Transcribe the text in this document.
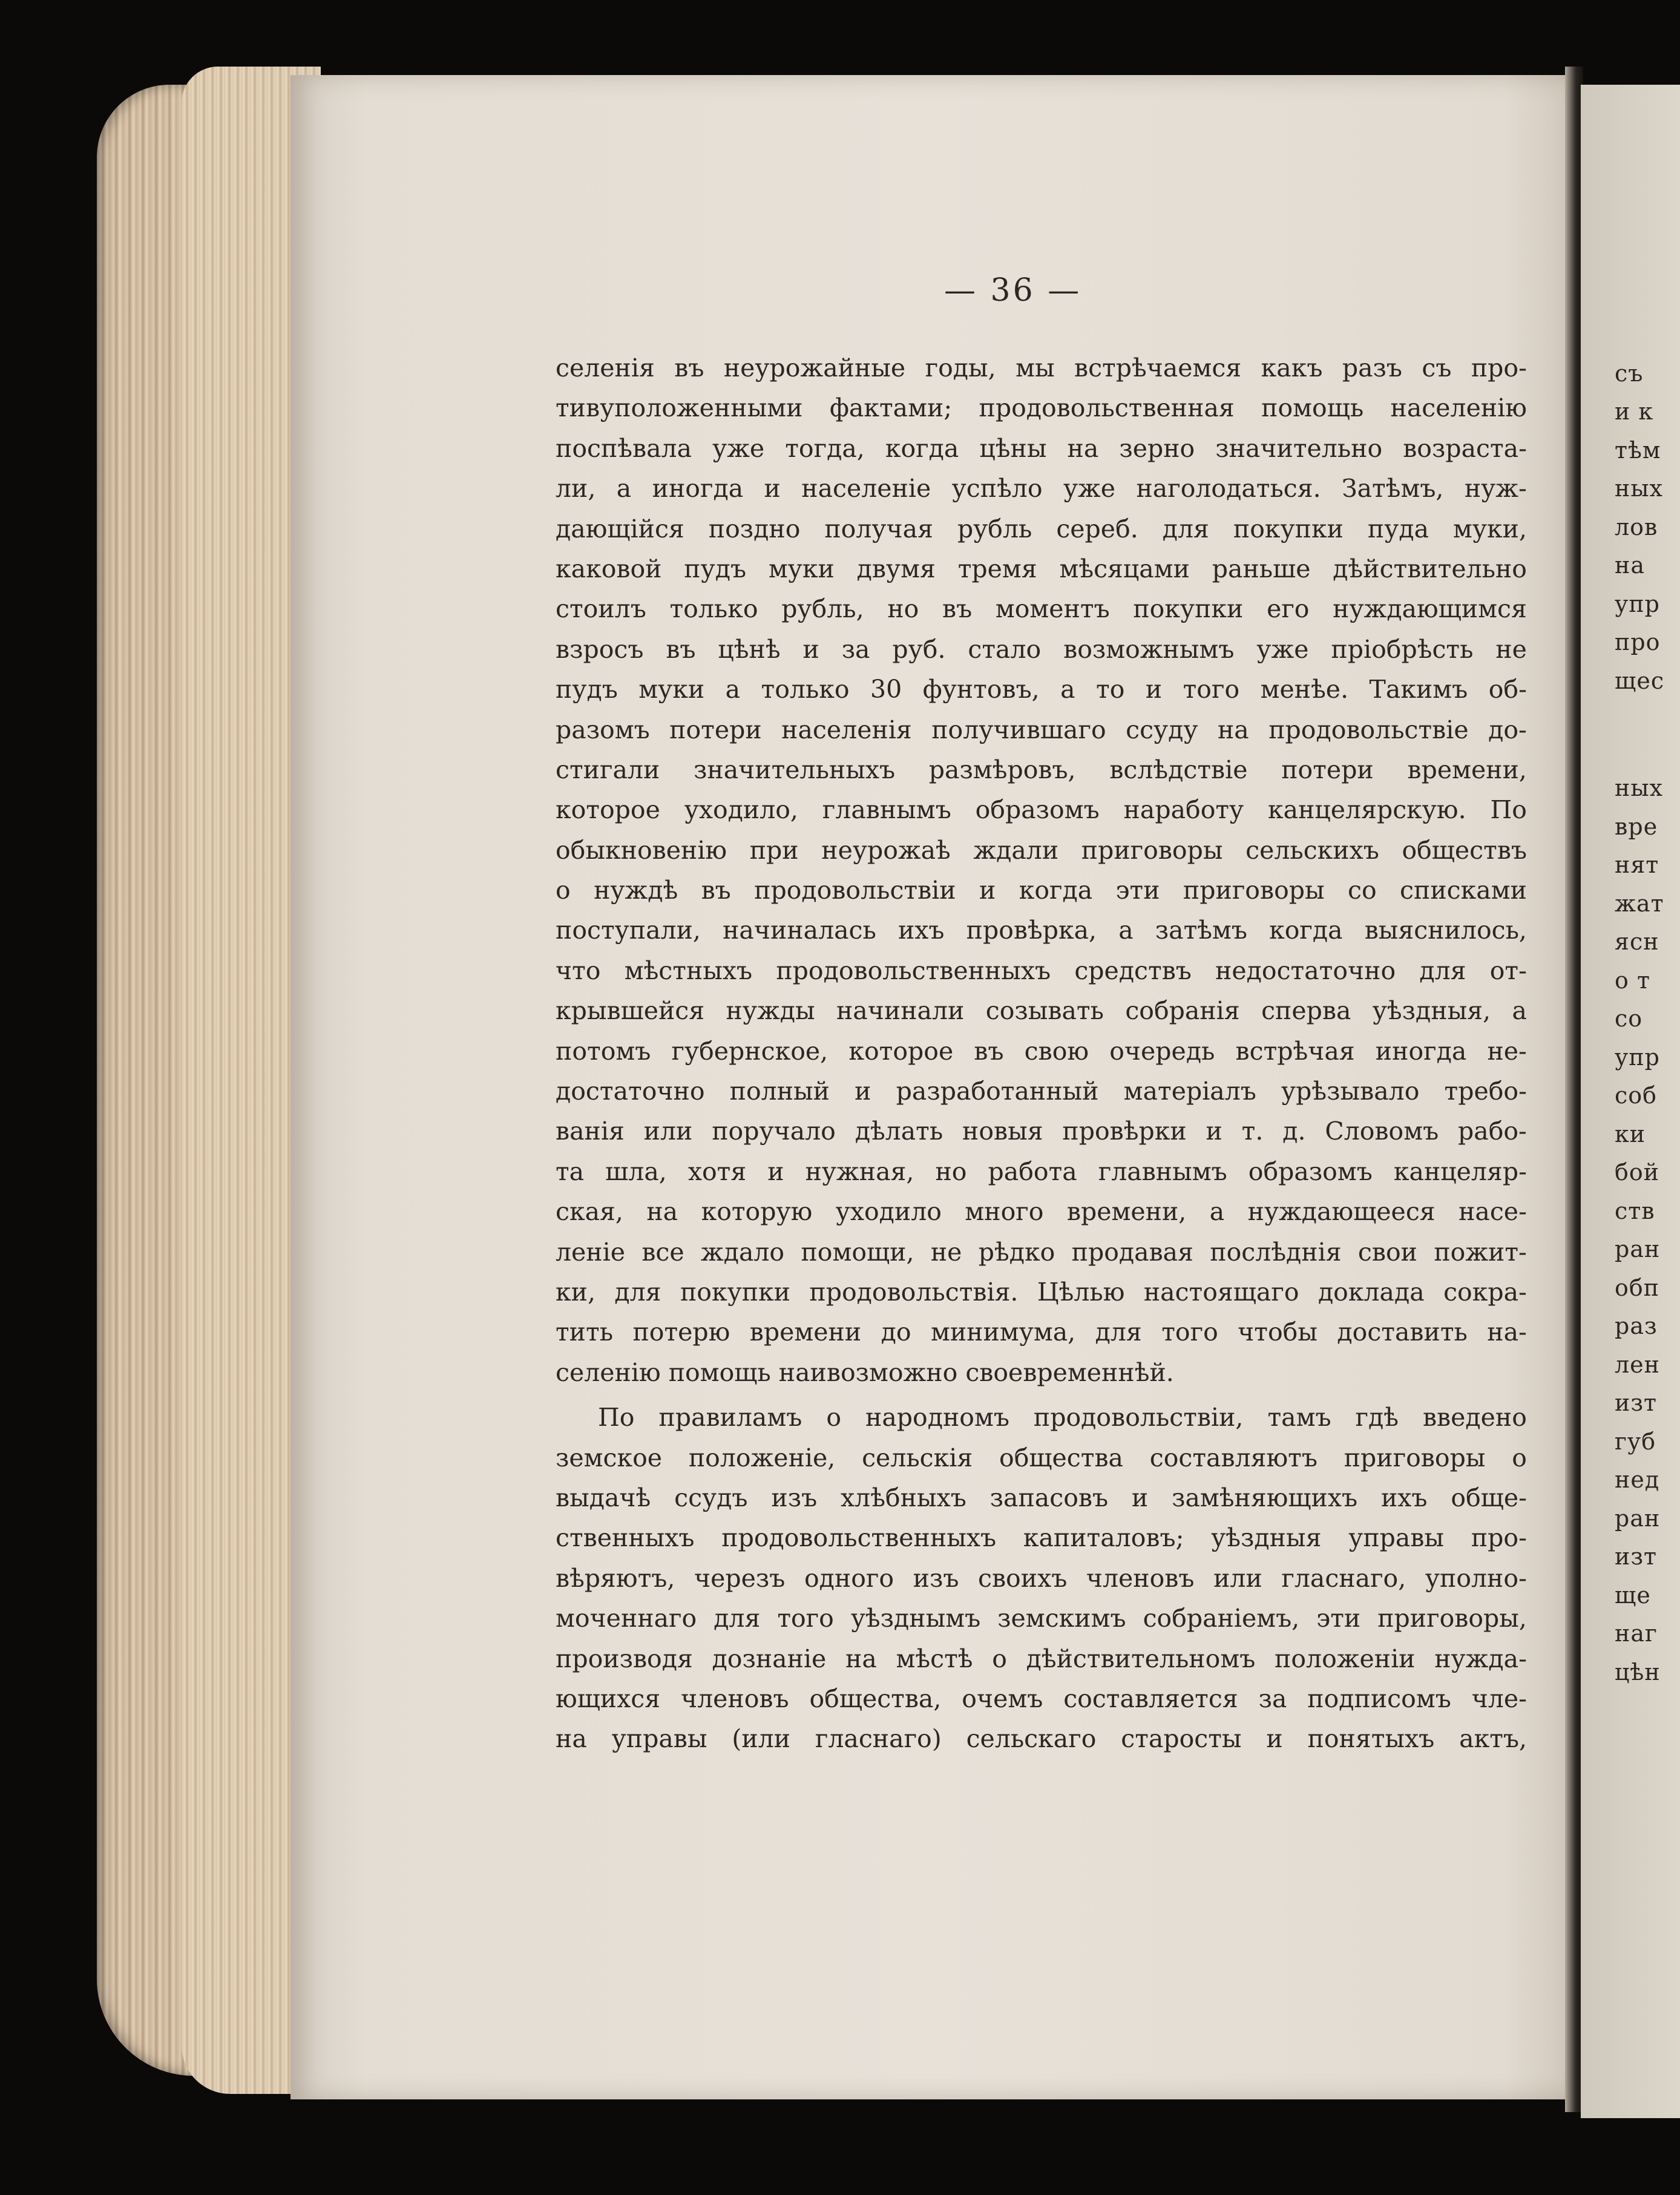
— 36 —
селенія въ неурожайные годы, мы встрѣчаемся какъ разъ съ про-
тивуположенными фактами; продовольственная помощь населенію
поспѣвала уже тогда, когда цѣны на зерно значительно возраста-
ли, а иногда и населеніе успѣло уже наголодаться. Затѣмъ, нуж-
дающійся поздно получая рубль сереб. для покупки пуда муки,
каковой пудъ муки двумя тремя мѣсяцами раньше дѣйствительно
стоилъ только рубль, но въ моментъ покупки его нуждающимся
взросъ въ цѣнѣ и за руб. стало возможнымъ уже пріобрѣсть не
пудъ муки а только 30 фунтовъ, а то и того менѣе. Такимъ об-
разомъ потери населенія получившаго ссуду на продовольствіе до-
стигали значительныхъ размѣровъ, вслѣдствіе потери времени,
которое уходило, главнымъ образомъ наработу канцелярскую. По
обыкновенію при неурожаѣ ждали приговоры сельскихъ обществъ
о нуждѣ въ продовольствіи и когда эти приговоры со списками
поступали, начиналась ихъ провѣрка, а затѣмъ когда выяснилось,
что мѣстныхъ продовольственныхъ средствъ недостаточно для от-
крывшейся нужды начинали созывать собранія сперва уѣздныя, а
потомъ губернское, которое въ свою очередь встрѣчая иногда не-
достаточно полный и разработанный матеріалъ урѣзывало требо-
ванія или поручало дѣлать новыя провѣрки и т. д. Словомъ рабо-
та шла, хотя и нужная, но работа главнымъ образомъ канцеляр-
ская, на которую уходило много времени, а нуждающееся насе-
леніе все ждало помощи, не рѣдко продавая послѣднія свои пожит-
ки, для покупки продовольствія. Цѣлью настоящаго доклада сокра-
тить потерю времени до минимума, для того чтобы доставить на-
селенію помощь наивозможно своевременнѣй.
По правиламъ о народномъ продовольствіи, тамъ гдѣ введено
земское положеніе, сельскія общества составляютъ приговоры о
выдачѣ ссудъ изъ хлѣбныхъ запасовъ и замѣняющихъ ихъ обще-
ственныхъ продовольственныхъ капиталовъ; уѣздныя управы про-
вѣряютъ, черезъ одного изъ своихъ членовъ или гласнаго, уполно-
моченнаго для того уѣзднымъ земскимъ собраніемъ, эти приговоры,
производя дознаніе на мѣстѣ о дѣйствительномъ положеніи нужда-
ющихся членовъ общества, очемъ составляется за подписомъ чле-
на управы (или гласнаго) сельскаго старосты и понятыхъ актъ,
съ
и к
тѣм
ных
лов
на
упр
про
щес
ных
вре
нят
жат
ясн
о т
со
упр
соб
ки
бой
ств
ран
обп
раз
лен
изт
губ
нед
ран
изт
ще
наг
цѣн
